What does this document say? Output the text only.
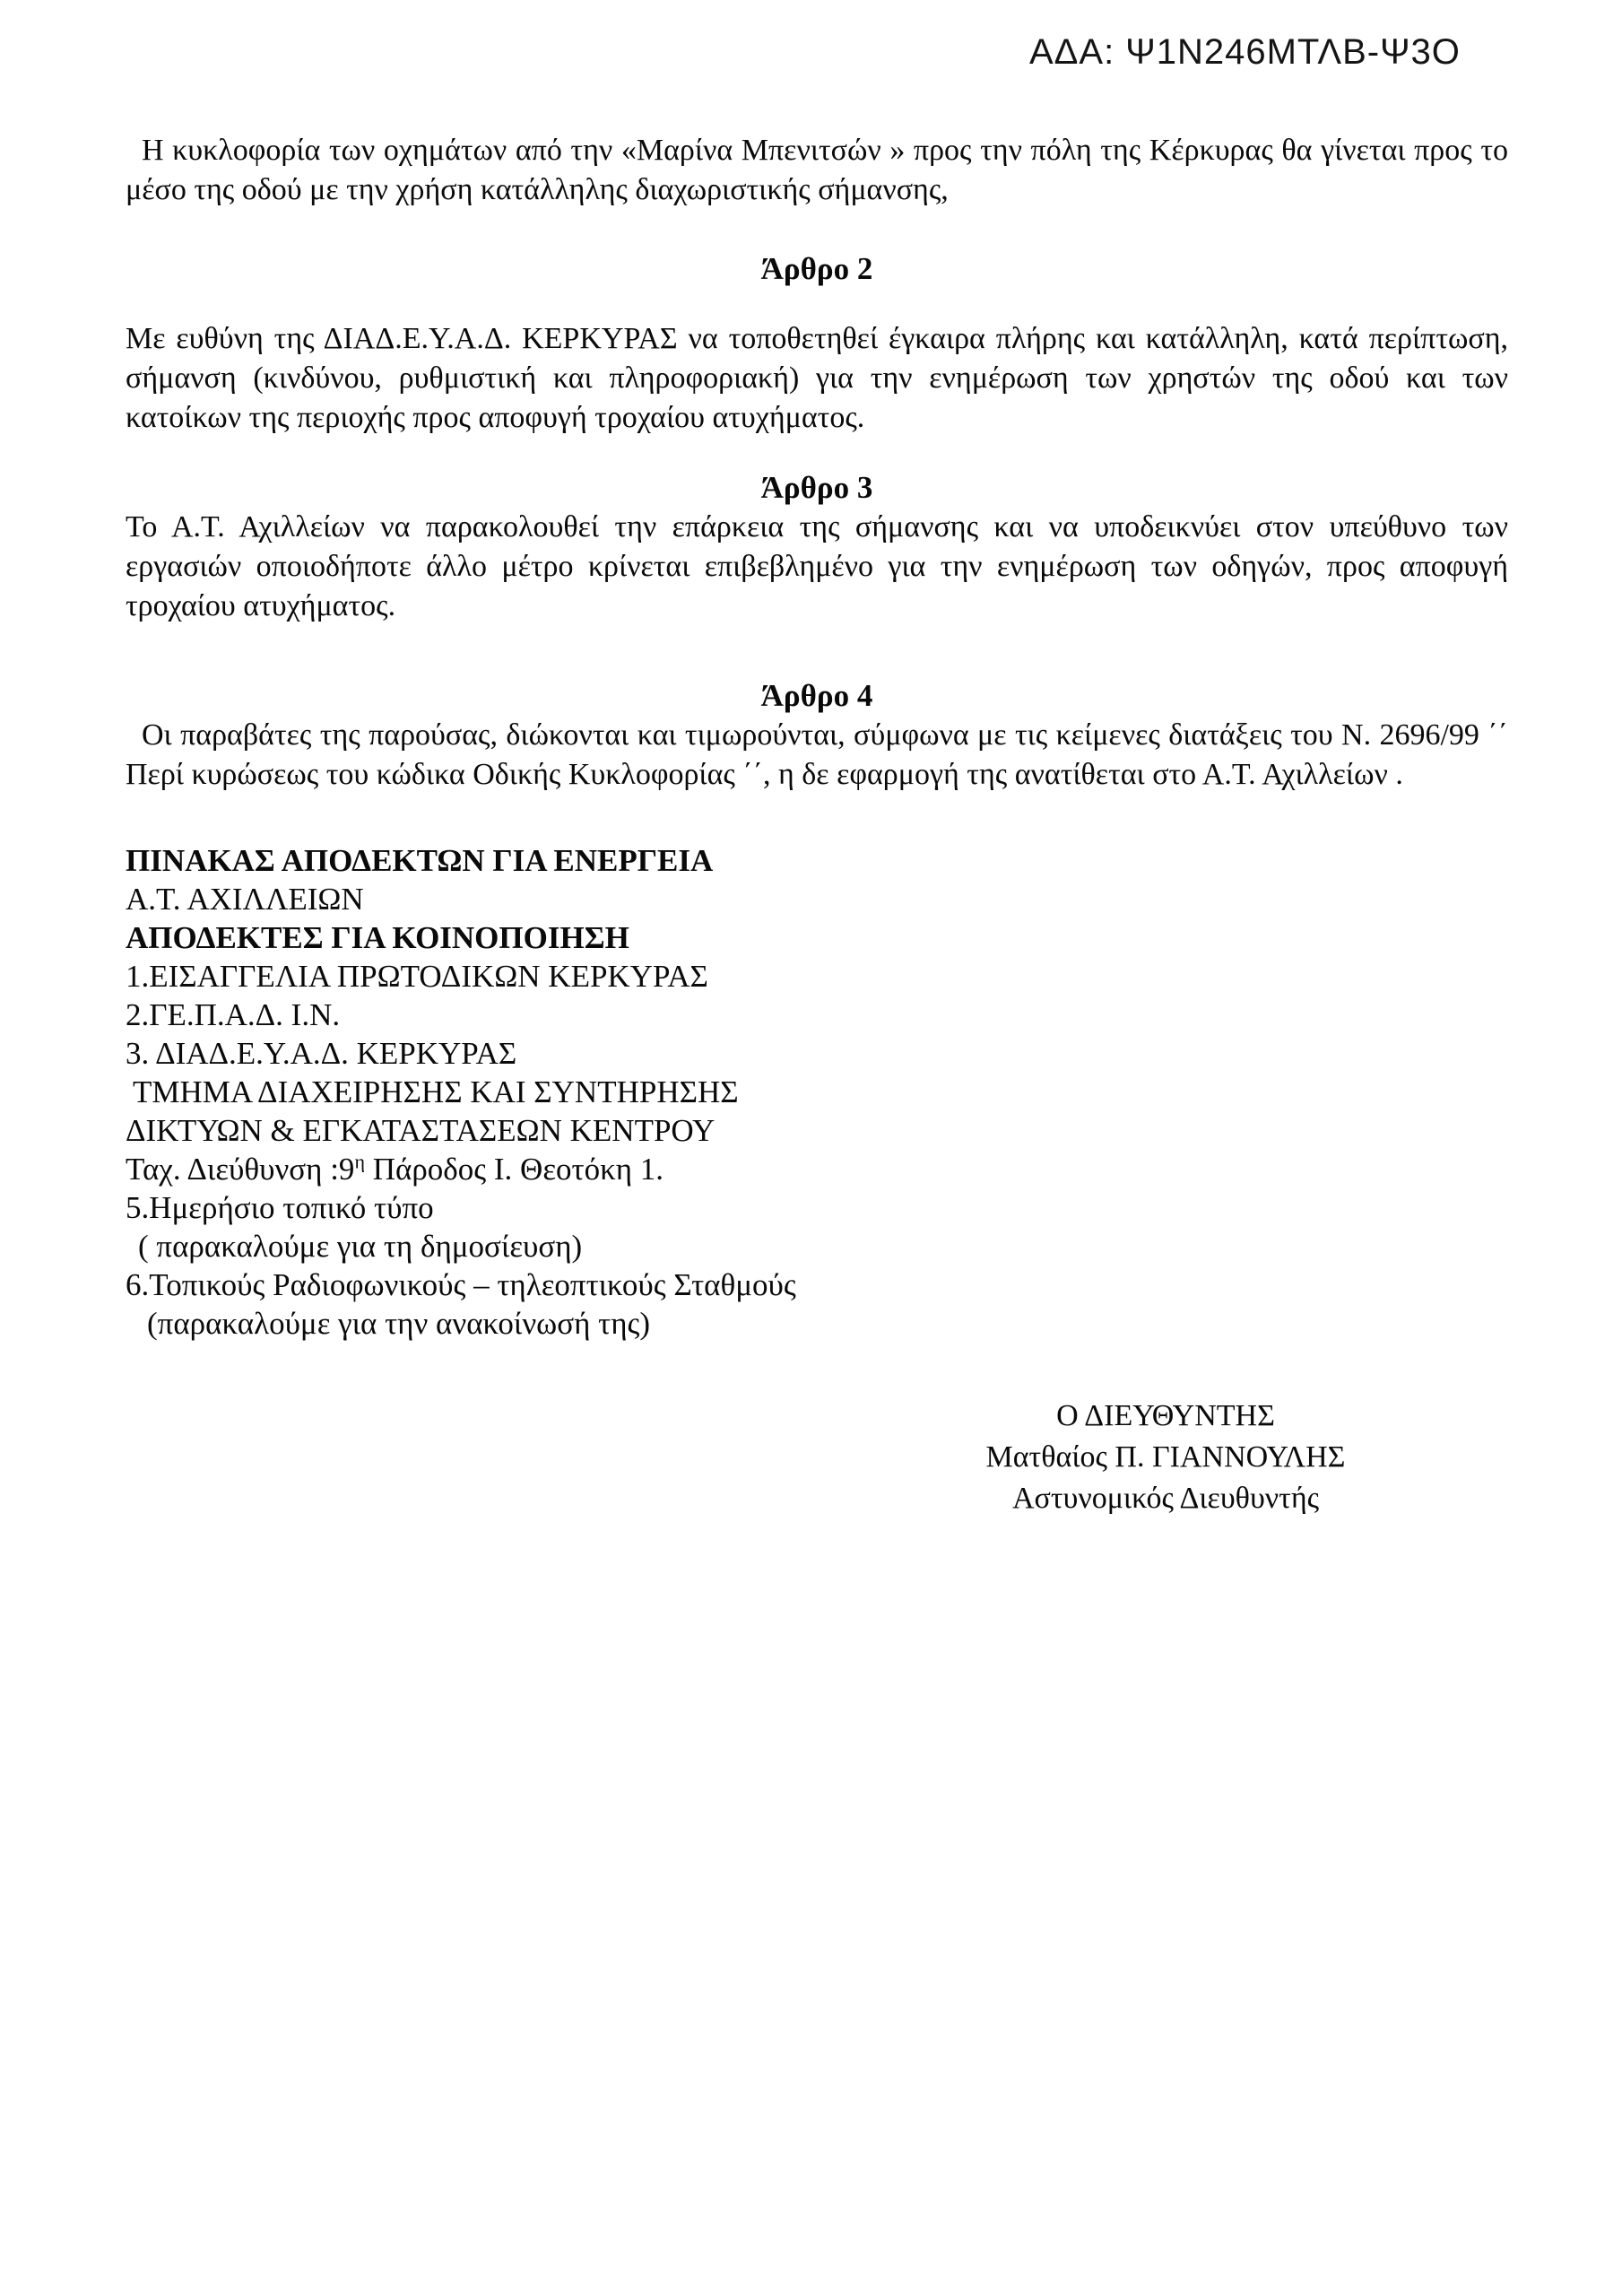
ΑΔΑ: Ψ1Ν246ΜΤΛΒ-Ψ3Ο

Η κυκλοφορία των οχημάτων από την «Μαρίνα Μπενιτσών » προς την πόλη της Κέρκυρας θα γίνεται προς το μέσο της οδού με την χρήση κατάλληλης διαχωριστικής σήμανσης,

Άρθρο 2

Με ευθύνη της ΔΙΑΔ.Ε.Υ.Α.Δ. ΚΕΡΚΥΡΑΣ να τοποθετηθεί έγκαιρα πλήρης και κατάλληλη, κατά περίπτωση, σήμανση (κινδύνου, ρυθμιστική και πληροφοριακή) για την ενημέρωση των χρηστών της οδού και των κατοίκων της περιοχής προς αποφυγή τροχαίου ατυχήματος.

Άρθρο 3

Το Α.Τ. Αχιλλείων να παρακολουθεί την επάρκεια της σήμανσης και να υποδεικνύει στον υπεύθυνο των εργασιών οποιοδήποτε άλλο μέτρο κρίνεται επιβεβλημένο για την ενημέρωση των οδηγών, προς αποφυγή τροχαίου ατυχήματος.

Άρθρο 4

Οι παραβάτες της παρούσας, διώκονται και τιμωρούνται, σύμφωνα με τις κείμενες διατάξεις του Ν. 2696/99 ΄΄ Περί κυρώσεως του κώδικα Οδικής Κυκλοφορίας ΄΄, η δε εφαρμογή της ανατίθεται στο Α.Τ. Αχιλλείων .

ΠΙΝΑΚΑΣ ΑΠΟΔΕΚΤΩΝ ΓΙΑ ΕΝΕΡΓΕΙΑ
Α.Τ. ΑΧΙΛΛΕΙΩΝ
ΑΠΟΔΕΚΤΕΣ ΓΙΑ ΚΟΙΝΟΠΟΙΗΣΗ
1.ΕΙΣΑΓΓΕΛΙΑ ΠΡΩΤΟΔΙΚΩΝ ΚΕΡΚΥΡΑΣ
2.ΓΕ.Π.Α.Δ. Ι.Ν.
3. ΔΙΑΔ.Ε.Υ.Α.Δ. ΚΕΡΚΥΡΑΣ
ΤΜΗΜΑ ΔΙΑΧΕΙΡΗΣΗΣ ΚΑΙ ΣΥΝΤΗΡΗΣΗΣ
ΔΙΚΤΥΩΝ & ΕΓΚΑΤΑΣΤΑΣΕΩΝ ΚΕΝΤΡΟΥ
Ταχ. Διεύθυνση $:9^\eta$ Πάροδος Ι. Θεοτόκη 1.
5.Ημερήσιο τοπικό τύπο
( παρακαλούμε για τη δημοσίευση)
6.Τοπικούς Ραδιοφωνικούς – τηλεοπτικούς Σταθμούς
(παρακαλούμε για την ανακοίνωσή της)

Ο ΔΙΕΥΘΥΝΤΗΣ

Ματθαίος Π. ΓΙΑΝΝΟΥΛΗΣ

Αστυνομικός Διευθυντής
